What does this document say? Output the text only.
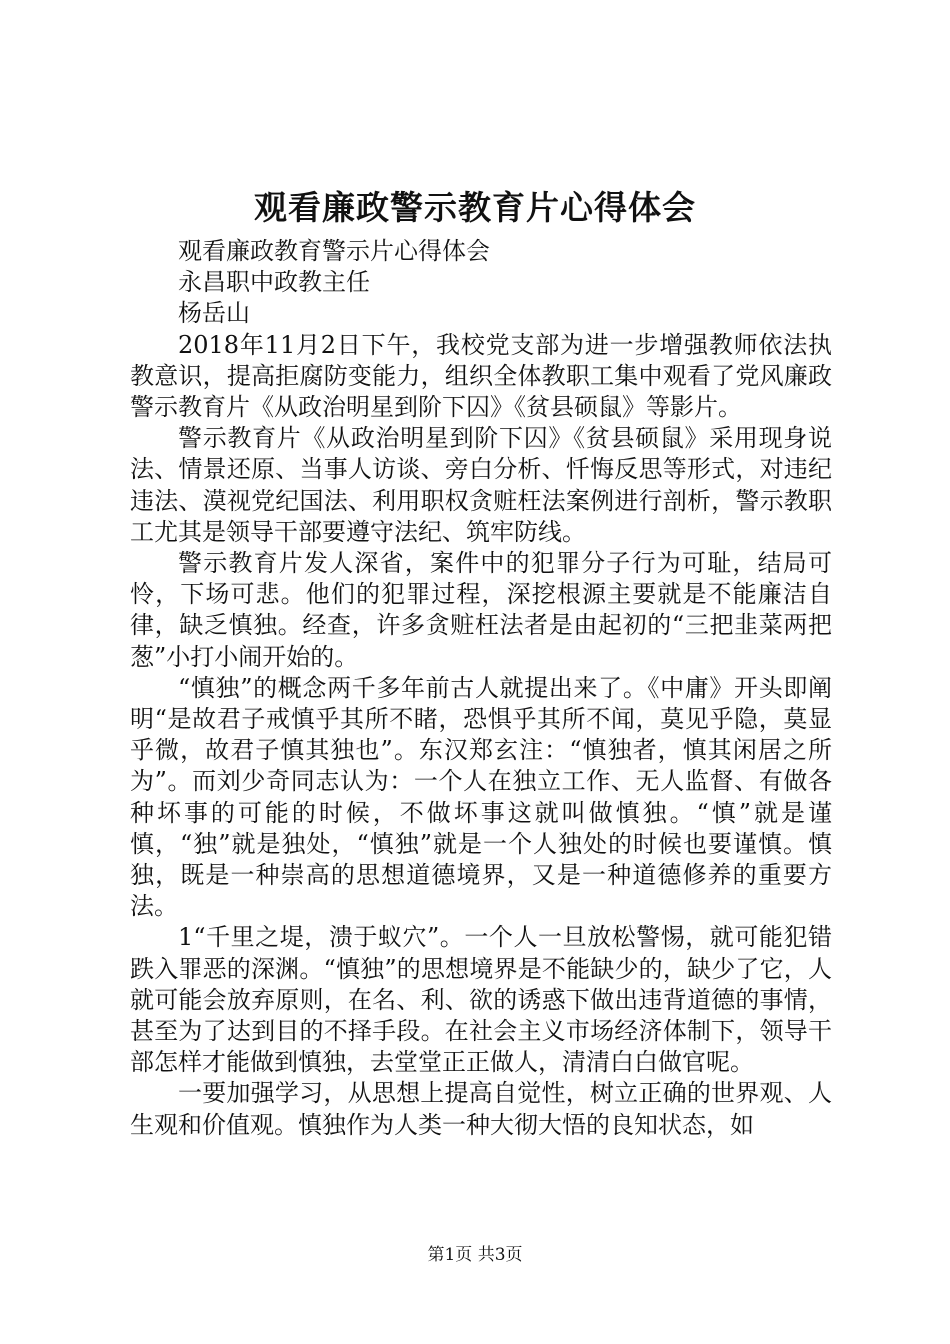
观看廉政警示教育片心得体会

观看廉政教育警示片心得体会

永昌职中政教主任

杨岳山

2018年11月2日下午，我校党支部为进一步增强教师依法执教意识，提高拒腐防变能力，组织全体教职工集中观看了党风廉政警示教育片《从政治明星到阶下囚》《贫县硕鼠》等影片。

警示教育片《从政治明星到阶下囚》《贫县硕鼠》采用现身说法、情景还原、当事人访谈、旁白分析、忏悔反思等形式，对违纪违法、漠视党纪国法、利用职权贪赃枉法案例进行剖析，警示教职工尤其是领导干部要遵守法纪、筑牢防线。

警示教育片发人深省，案件中的犯罪分子行为可耻，结局可怜，下场可悲。他们的犯罪过程，深挖根源主要就是不能廉洁自律，缺乏慎独。经查，许多贪赃枉法者是由起初的“三把韭菜两把葱”小打小闹开始的。

“慎独”的概念两千多年前古人就提出来了。《中庸》开头即阐明“是故君子戒慎乎其所不睹，恐惧乎其所不闻，莫见乎隐，莫显乎微，故君子慎其独也”。东汉郑玄注：“慎独者，慎其闲居之所为”。而刘少奇同志认为：一个人在独立工作、无人监督、有做各种坏事的可能的时候，不做坏事这就叫做慎独。“慎”就是谨慎，“独”就是独处，“慎独”就是一个人独处的时候也要谨慎。慎独，既是一种崇高的思想道德境界，又是一种道德修养的重要方法。

1“千里之堤，溃于蚁穴”。一个人一旦放松警惕，就可能犯错跌入罪恶的深渊。“慎独”的思想境界是不能缺少的，缺少了它，人就可能会放弃原则，在名、利、欲的诱惑下做出违背道德的事情，甚至为了达到目的不择手段。在社会主义市场经济体制下，领导干部怎样才能做到慎独，去堂堂正正做人，清清白白做官呢。

一要加强学习，从思想上提高自觉性，树立正确的世界观、人生观和价值观。慎独作为人类一种大彻大悟的良知状态，如

第1页 共3页
